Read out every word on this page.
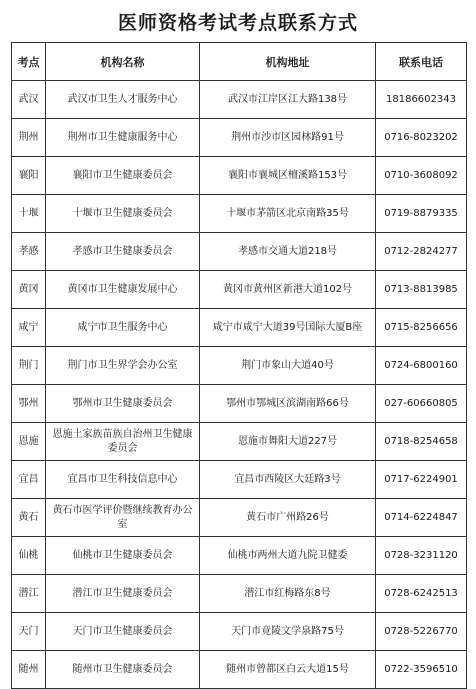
医师资格考试考点联系方式
考点	机构名称	机构地址	联系电话
武汉	武汉市卫生人才服务中心	武汉市江岸区江大路138号	18186602343
荆州	荆州市卫生健康服务中心	荆州市沙市区园林路91号	0716-8023202
襄阳	襄阳市卫生健康委员会	襄阳市襄城区檀溪路153号	0710-3608092
十堰	十堰市卫生健康委员会	十堰市茅箭区北京南路35号	0719-8879335
孝感	孝感市卫生健康委员会	孝感市交通大道218号	0712-2824277
黄冈	黄冈市卫生健康发展中心	黄冈市黄州区新港大道102号	0713-8813985
咸宁	咸宁市卫生服务中心	咸宁市咸宁大道39号国际大厦B座	0715-8256656
荆门	荆门市卫生界学会办公室	荆门市象山大道40号	0724-6800160
鄂州	鄂州市卫生健康委员会	鄂州市鄂城区滨湖南路66号	027-60660805
恩施	恩施土家族苗族自治州卫生健康委员会	恩施市舞阳大道227号	0718-8254658
宜昌	宜昌市卫生科技信息中心	宜昌市西陵区大廷路3号	0717-6224901
黄石	黄石市医学评价暨继续教育办公室	黄石市广州路26号	0714-6224847
仙桃	仙桃市卫生健康委员会	仙桃市两州大道九院卫健委	0728-3231120
潜江	潜江市卫生健康委员会	潜江市红梅路东8号	0728-6242513
天门	天门市卫生健康委员会	天门市竟陵文学泉路75号	0728-5226770
随州	随州市卫生健康委员会	随州市曾都区白云大道15号	0722-3596510
